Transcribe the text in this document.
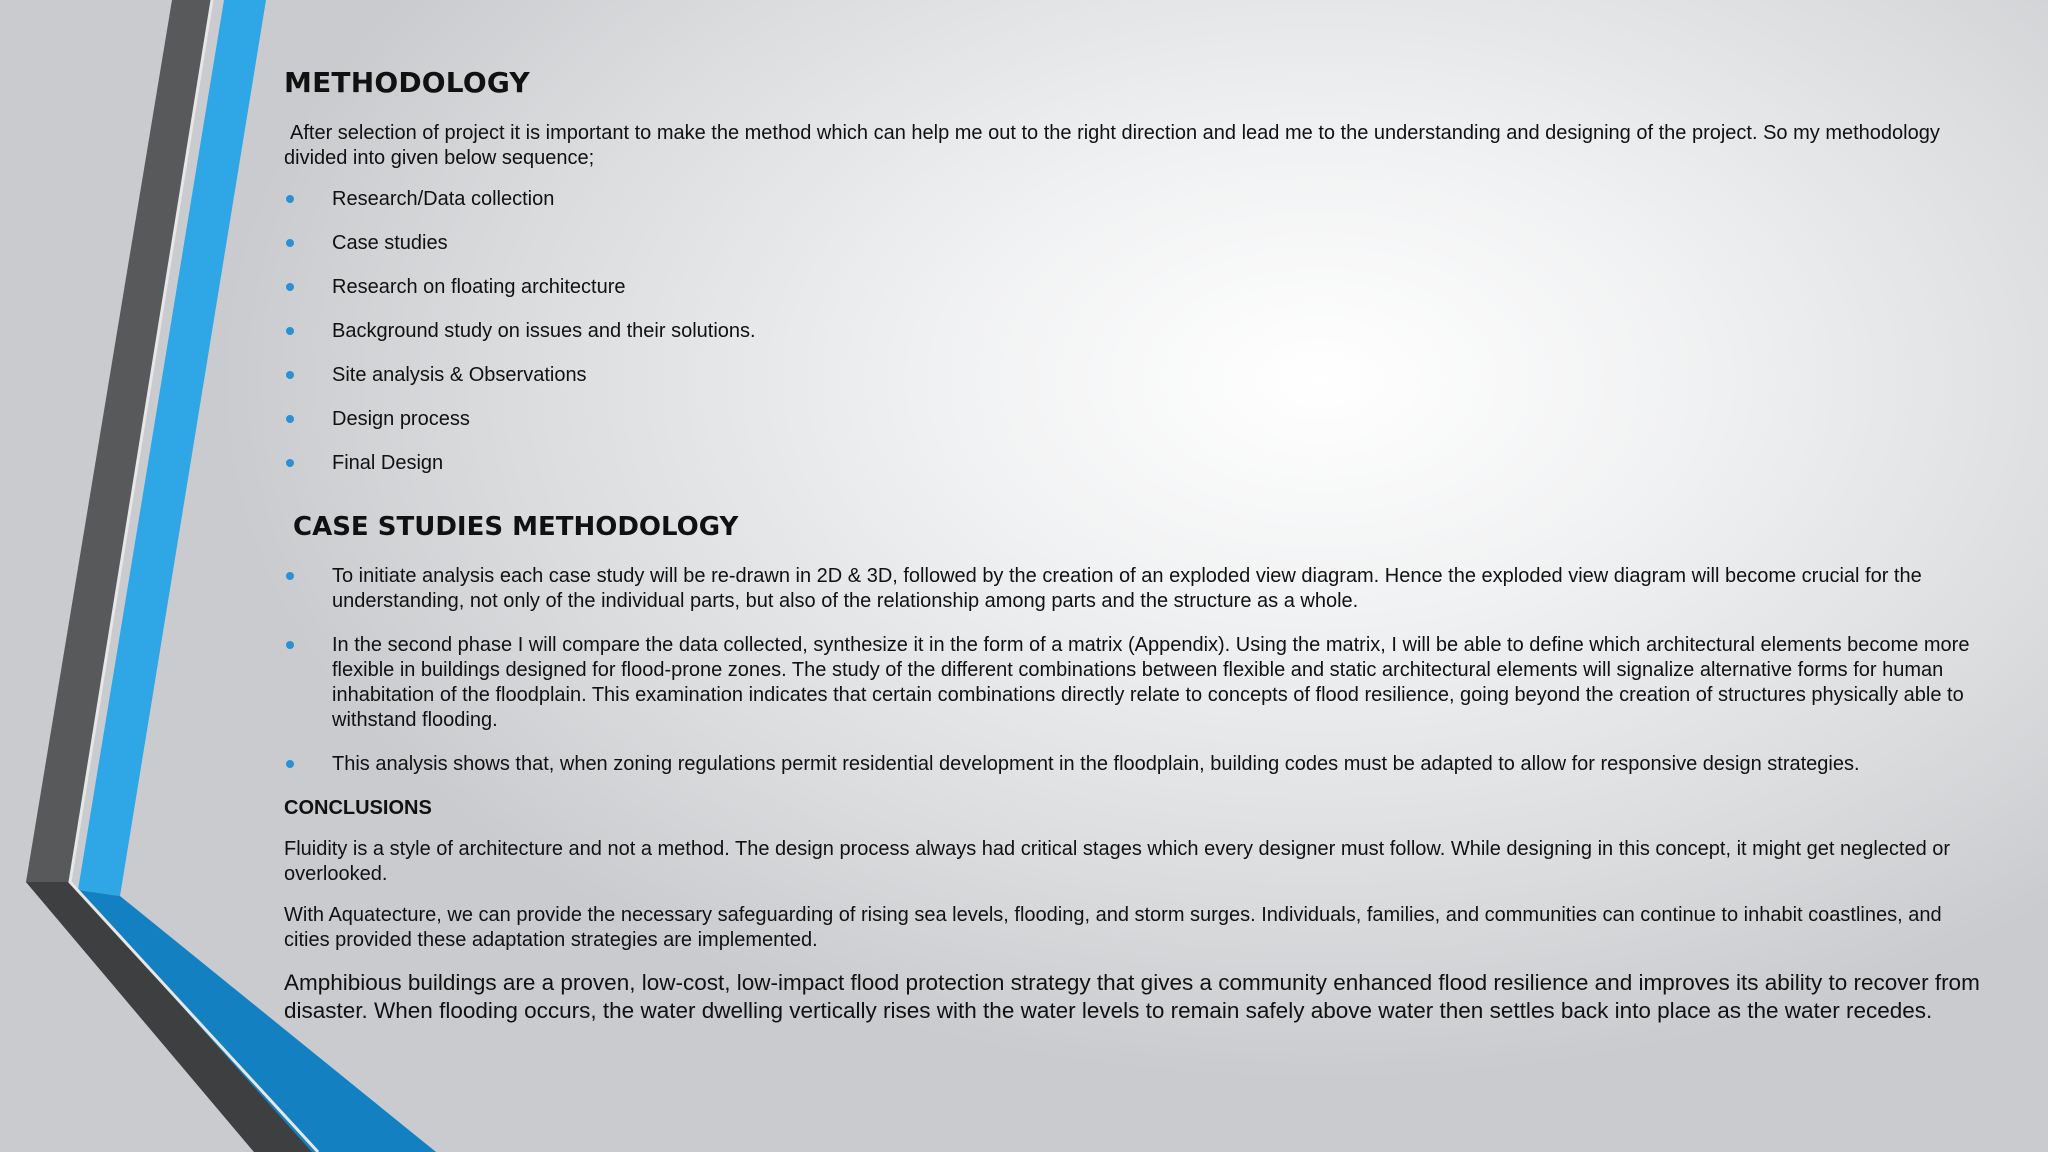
METHODOLOGY

After selection of project it is important to make the method which can help me out to the right direction and lead me to the understanding and designing of the project. So my methodology divided into given below sequence;

Research/Data collection
Case studies
Research on floating architecture
Background study on issues and their solutions.
Site analysis & Observations
Design process
Final Design
CASE STUDIES METHODOLOGY
To initiate analysis each case study will be re-drawn in 2D & 3D, followed by the creation of an exploded view diagram. Hence the exploded view diagram will become crucial for the understanding, not only of the individual parts, but also of the relationship among parts and the structure as a whole.
In the second phase I will compare the data collected, synthesize it in the form of a matrix (Appendix). Using the matrix, I will be able to define which architectural elements become more flexible in buildings designed for flood-prone zones. The study of the different combinations between flexible and static architectural elements will signalize alternative forms for human inhabitation of the floodplain. This examination indicates that certain combinations directly relate to concepts of flood resilience, going beyond the creation of structures physically able to withstand flooding.
This analysis shows that, when zoning regulations permit residential development in the floodplain, building codes must be adapted to allow for responsive design strategies.
CONCLUSIONS

Fluidity is a style of architecture and not a method. The design process always had critical stages which every designer must follow. While designing in this concept, it might get neglected or overlooked.

With Aquatecture, we can provide the necessary safeguarding of rising sea levels, flooding, and storm surges. Individuals, families, and communities can continue to inhabit coastlines, and cities provided these adaptation strategies are implemented.

Amphibious buildings are a proven, low-cost, low-impact flood protection strategy that gives a community enhanced flood resilience and improves its ability to recover from disaster. When flooding occurs, the water dwelling vertically rises with the water levels to remain safely above water then settles back into place as the water recedes.
